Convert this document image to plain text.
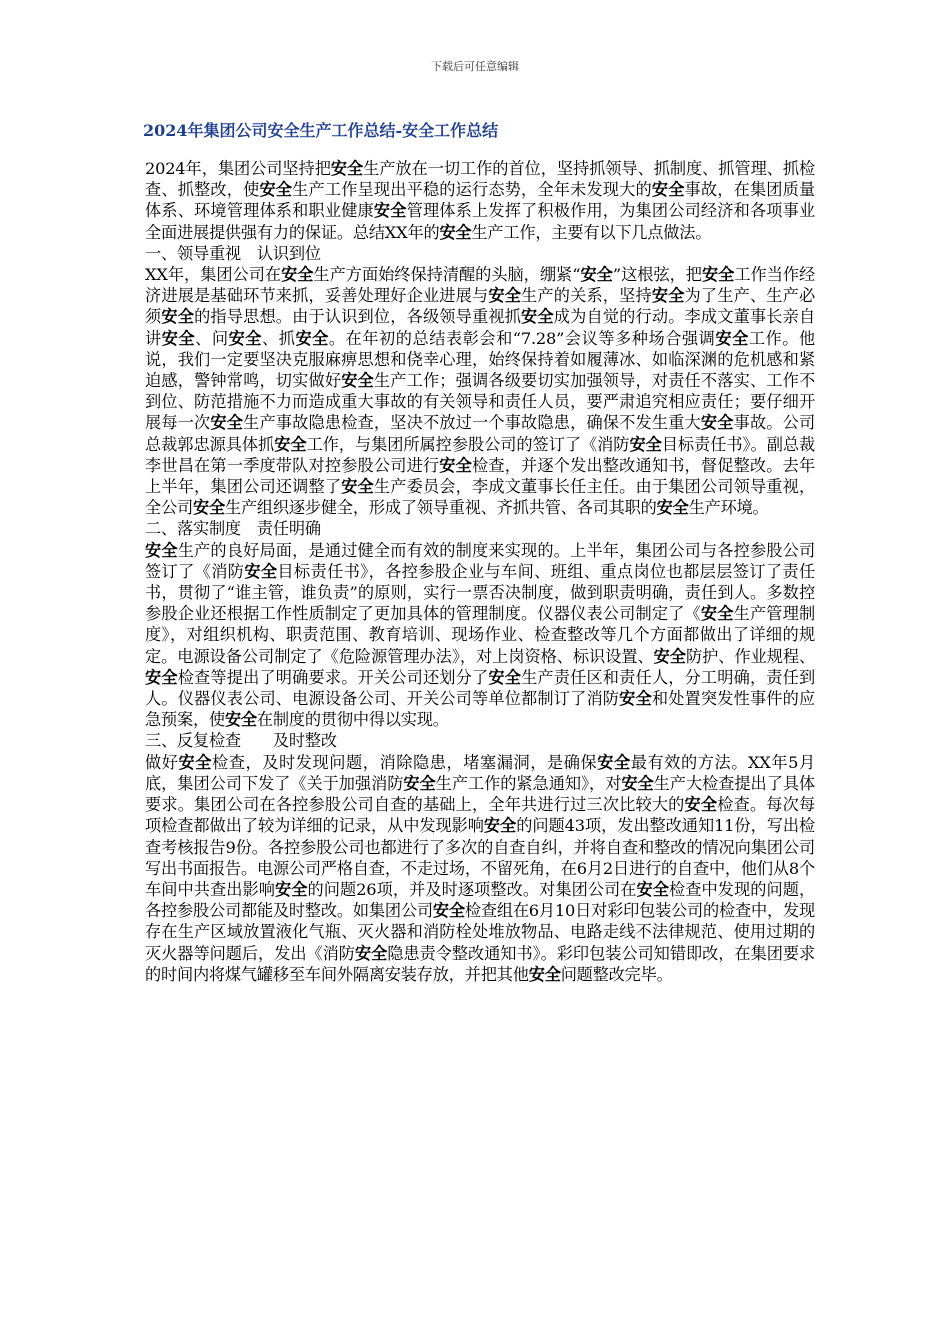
下载后可任意编辑
2024年集团公司安全生产工作总结-安全工作总结

2024年，集团公司坚持把安全生产放在一切工作的首位，坚持抓领导、抓制度、抓管理、抓检查、抓整改，使安全生产工作呈现出平稳的运行态势，全年未发现大的安全事故，在集团质量体系、环境管理体系和职业健康安全管理体系上发挥了积极作用，为集团公司经济和各项事业全面进展提供强有力的保证。总结XX年的安全生产工作，主要有以下几点做法。

一、领导重视　认识到位

XX年，集团公司在安全生产方面始终保持清醒的头脑，绷紧“安全”这根弦，把安全工作当作经济进展是基础环节来抓，妥善处理好企业进展与安全生产的关系，坚持安全为了生产、生产必须安全的指导思想。由于认识到位，各级领导重视抓安全成为自觉的行动。李成文董事长亲自讲安全、问安全、抓安全。在年初的总结表彰会和“7.28”会议等多种场合强调安全工作。他说，我们一定要坚决克服麻痹思想和侥幸心理，始终保持着如履薄冰、如临深渊的危机感和紧迫感，警钟常鸣，切实做好安全生产工作；强调各级要切实加强领导，对责任不落实、工作不到位、防范措施不力而造成重大事故的有关领导和责任人员，要严肃追究相应责任；要仔细开展每一次安全生产事故隐患检查，坚决不放过一个事故隐患，确保不发生重大安全事故。公司总裁郭忠源具体抓安全工作，与集团所属控参股公司的签订了《消防安全目标责任书》。副总裁李世昌在第一季度带队对控参股公司进行安全检查，并逐个发出整改通知书，督促整改。去年上半年，集团公司还调整了安全生产委员会，李成文董事长任主任。由于集团公司领导重视，全公司安全生产组织逐步健全，形成了领导重视、齐抓共管、各司其职的安全生产环境。

二、落实制度　责任明确

安全生产的良好局面，是通过健全而有效的制度来实现的。上半年，集团公司与各控参股公司签订了《消防安全目标责任书》，各控参股企业与车间、班组、重点岗位也都层层签订了责任书，贯彻了“谁主管，谁负责”的原则，实行一票否决制度，做到职责明确，责任到人。多数控参股企业还根据工作性质制定了更加具体的管理制度。仪器仪表公司制定了《安全生产管理制度》，对组织机构、职责范围、教育培训、现场作业、检查整改等几个方面都做出了详细的规定。电源设备公司制定了《危险源管理办法》，对上岗资格、标识设置、安全防护、作业规程、安全检查等提出了明确要求。开关公司还划分了安全生产责任区和责任人，分工明确，责任到人。仪器仪表公司、电源设备公司、开关公司等单位都制订了消防安全和处置突发性事件的应急预案，使安全在制度的贯彻中得以实现。

三、反复检查　　及时整改

做好安全检查，及时发现问题，消除隐患，堵塞漏洞，是确保安全最有效的方法。XX年5月底，集团公司下发了《关于加强消防安全生产工作的紧急通知》，对安全生产大检查提出了具体要求。集团公司在各控参股公司自查的基础上，全年共进行过三次比较大的安全检查。每次每项检查都做出了较为详细的记录，从中发现影响安全的问题43项，发出整改通知11份，写出检查考核报告9份。各控参股公司也都进行了多次的自查自纠，并将自查和整改的情况向集团公司写出书面报告。电源公司严格自查，不走过场，不留死角，在6月2日进行的自查中，他们从8个车间中共查出影响安全的问题26项，并及时逐项整改。对集团公司在安全检查中发现的问题，各控参股公司都能及时整改。如集团公司安全检查组在6月10日对彩印包装公司的检查中，发现存在生产区域放置液化气瓶、灭火器和消防栓处堆放物品、电路走线不法律规范、使用过期的灭火器等问题后，发出《消防安全隐患责令整改通知书》。彩印包装公司知错即改，在集团要求的时间内将煤气罐移至车间外隔离安装存放，并把其他安全问题整改完毕。
